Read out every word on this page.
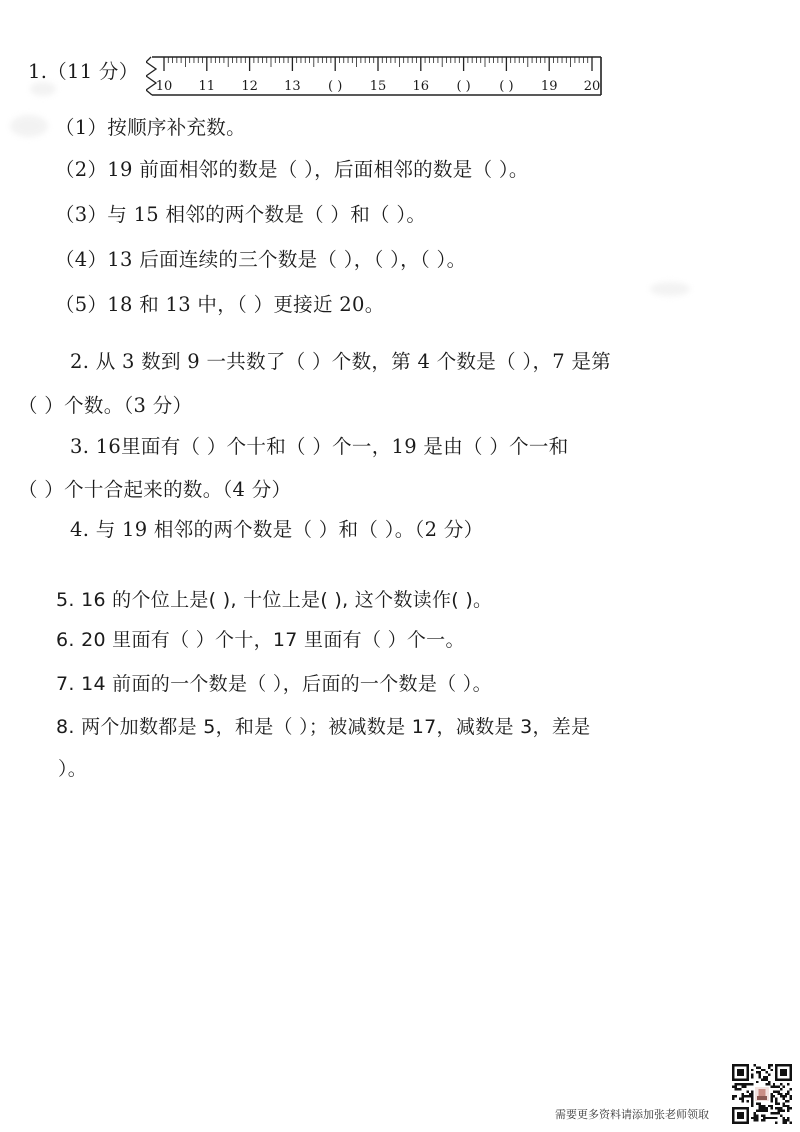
1.（11 分）
10 11 12 13 ( ) 15 16 ( ) ( ) 19 20
（1）按顺序补充数。
（2）19 前面相邻的数是（ ），后面相邻的数是（ ）。
（3）与 15 相邻的两个数是（ ）和（ ）。
（4）13 后面连续的三个数是（ ），（ ），（ ）。
（5）18 和 13 中，（ ）更接近 20。
2. 从 3 数到 9 一共数了（ ）个数，第 4 个数是（ ），7 是第
（ ）个数。（3 分）
3. 16里面有（ ）个十和（ ）个一，19 是由（ ）个一和
（ ）个十合起来的数。（4 分）
4. 与 19 相邻的两个数是（ ）和（ ）。（2 分）
5. 16 的个位上是( ), 十位上是( ), 这个数读作( )。
6. 20 里面有（ ）个十，17 里面有（ ）个一。
7. 14 前面的一个数是（ ），后面的一个数是（ ）。
8. 两个加数都是 5，和是（ ）；被减数是 17，减数是 3，差是
）。
需要更多资料请添加张老师领取
